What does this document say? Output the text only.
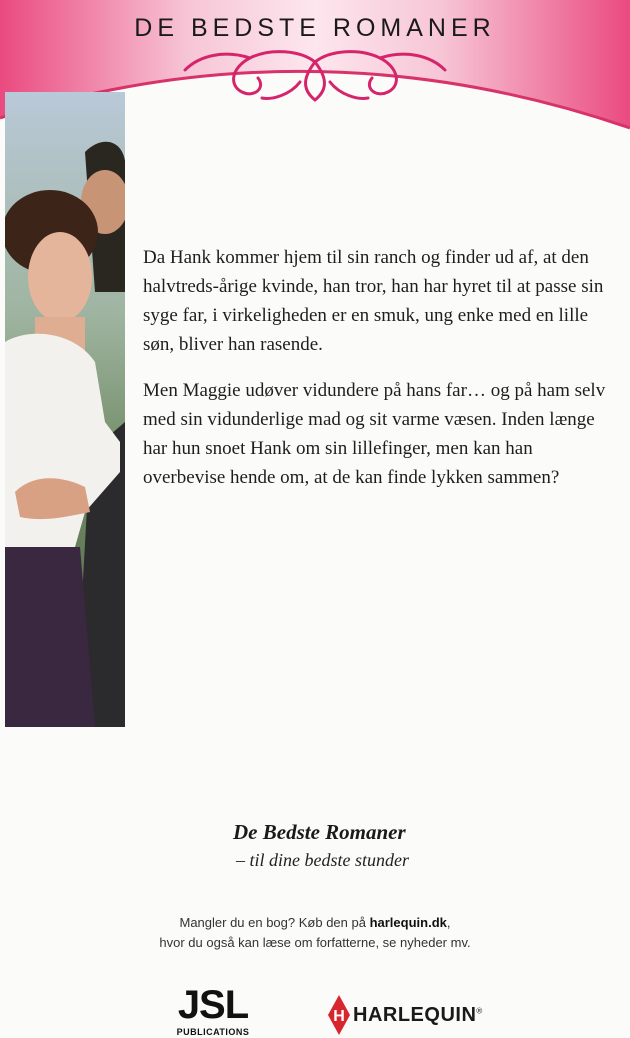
DE BEDSTE ROMANER

Da Hank kommer hjem til sin ranch og finder ud af, at den halvtreds-årige kvinde, han tror, han har hyret til at passe sin syge far, i virkeligheden er en smuk, ung enke med en lille søn, bliver han rasende.

Men Maggie udøver vidundere på hans far… og på ham selv med sin vidunderlige mad og sit varme væsen. Inden længe har hun snoet Hank om sin lillefinger, men kan han overbevise hende om, at de kan finde lykken sammen?

De Bedste Romaner
– til dine bedste stunder
Mangler du en bog? Køb den på harlequin.dk,
hvor du også kan læse om forfatterne, se nyheder mv.
JSL
PUBLICATIONS
H HARLEQUIN®
